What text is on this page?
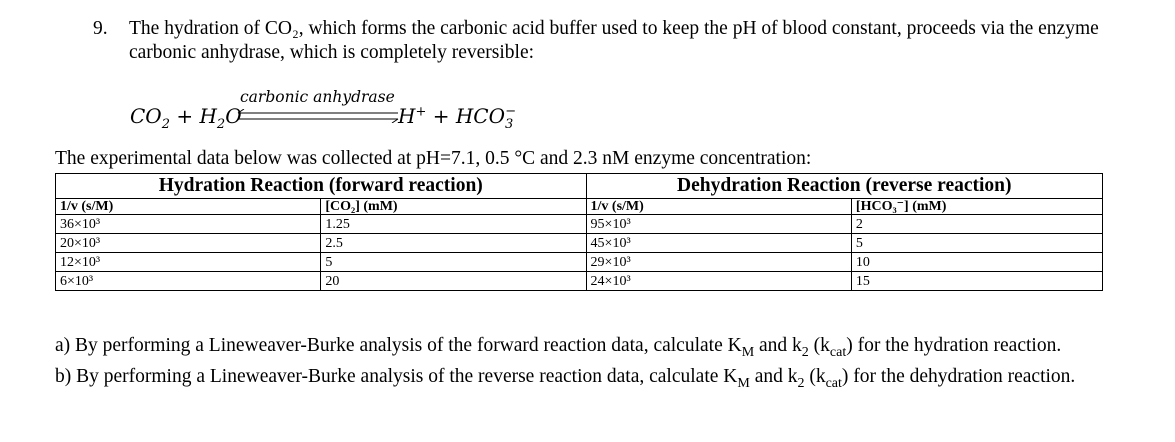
9. The hydration of CO₂, which forms the carbonic acid buffer used to keep the pH of blood constant, proceeds via the enzyme carbonic anhydrase, which is completely reversible:
carbonic anhydrase
$CO_2 + H_2O$	$H^+ + HCO_3^-$
The experimental data below was collected at pH=7.1, 0.5 °C and 2.3 nM enzyme concentration:
Hydration Reaction (forward reaction)		Dehydration Reaction (reverse reaction)	
1/v (s/M)	[CO₂] (mM)	1/v (s/M)	[HCO₃⁻] (mM)
36×10³	1.25	95×10³	2
20×10³	2.5	45×10³	5
12×10³	5	29×10³	10
6×10³	20	24×10³	15

a) By performing a Lineweaver-Burke analysis of the forward reaction data, calculate $K_M$ and $k_2$ $(k_{cat})$ for the hydration reaction.

b) By performing a Lineweaver-Burke analysis of the reverse reaction data, calculate $K_M$ and $k_2$ $(k_{cat})$ for the dehydration reaction.
